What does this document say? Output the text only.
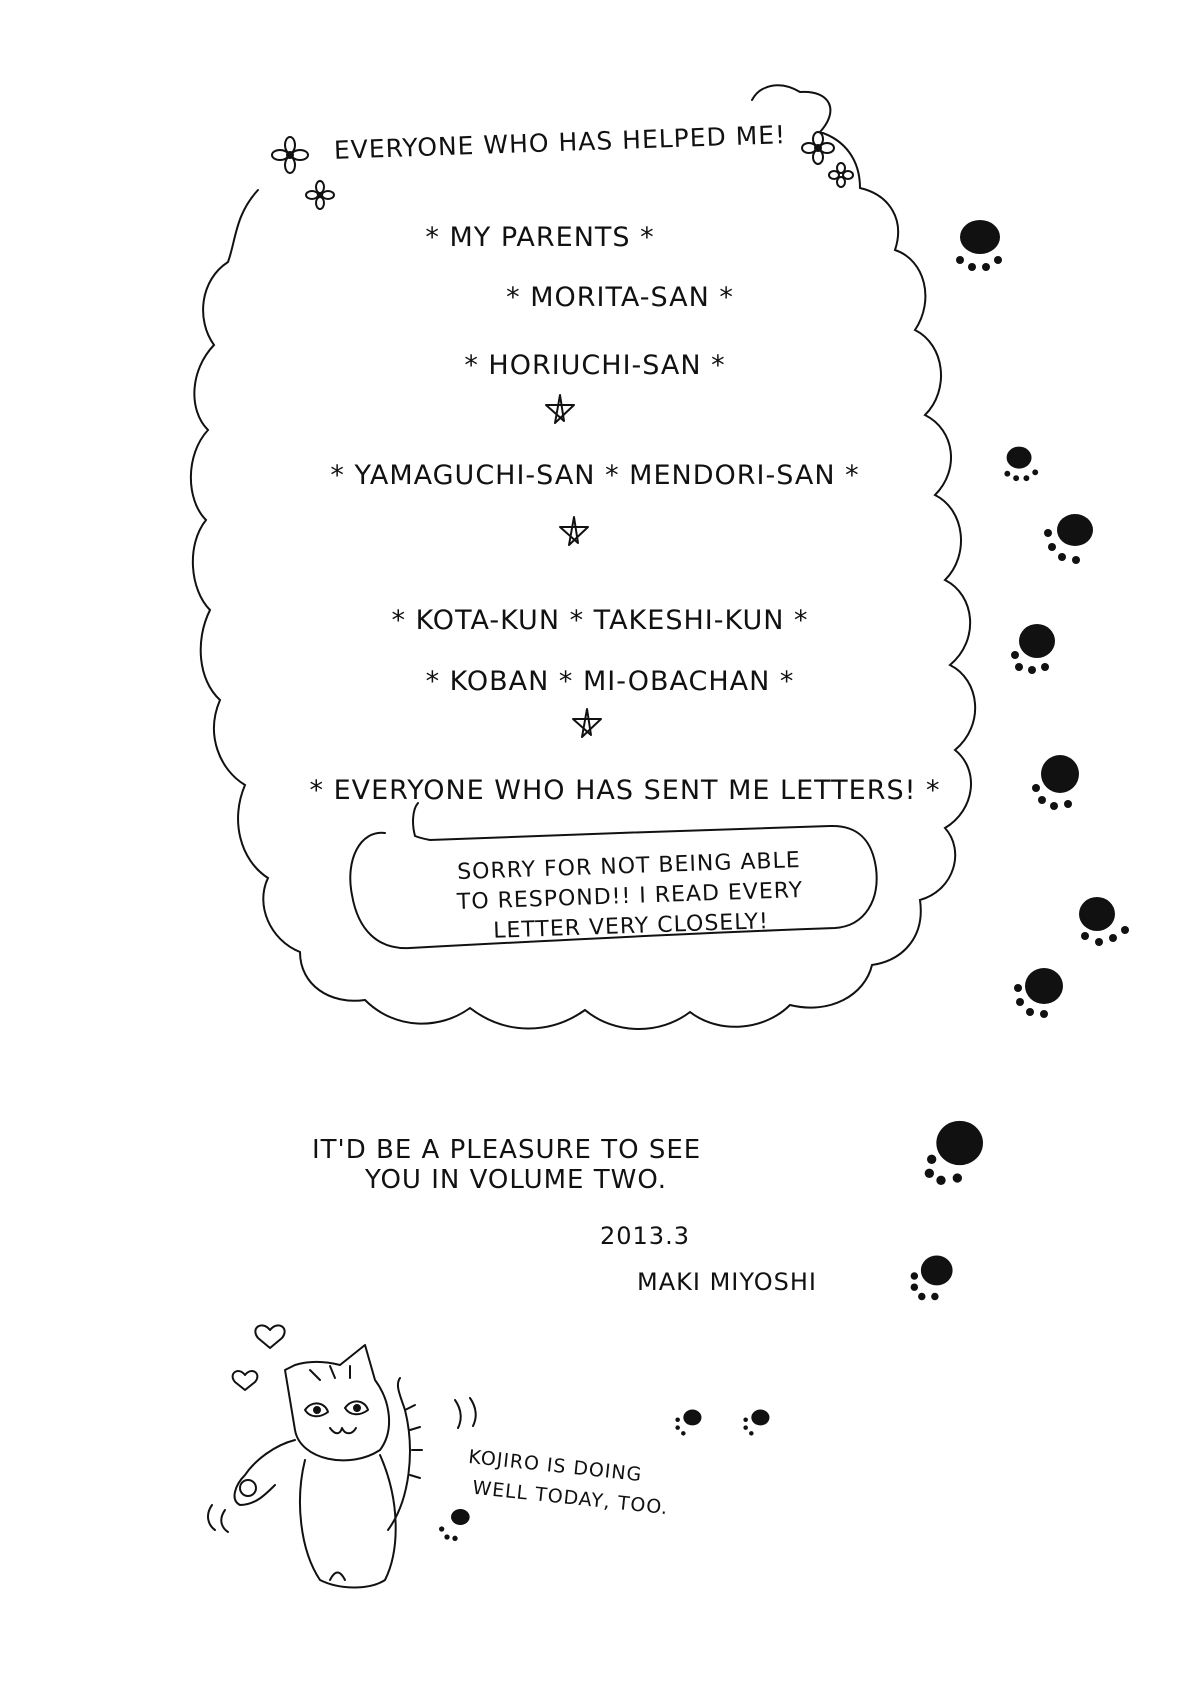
EVERYONE WHO HAS HELPED ME!
* MY PARENTS *
* MORITA-SAN *
* HORIUCHI-SAN *
* YAMAGUCHI-SAN * MENDORI-SAN *
* KOTA-KUN * TAKESHI-KUN *
* KOBAN * MI-OBACHAN *
* EVERYONE WHO HAS SENT ME LETTERS! *
SORRY FOR NOT BEING ABLE TO RESPOND!! I READ EVERY LETTER VERY CLOSELY!
IT'D BE A PLEASURE TO SEE
YOU IN VOLUME TWO.
2013.3
MAKI MIYOSHI
KOJIRO IS DOING
WELL TODAY, TOO.
